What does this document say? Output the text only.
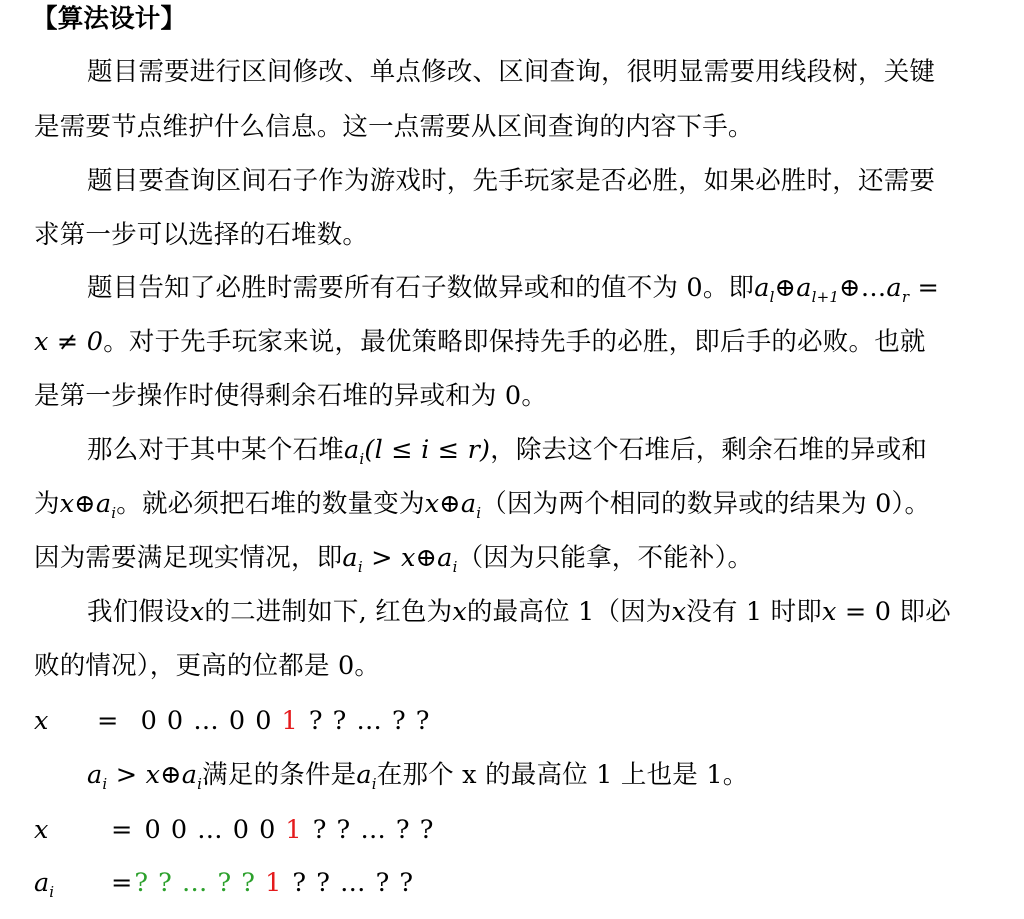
【算法设计】
题目需要进行区间修改、单点修改、区间查询，很明显需要用线段树，关键
是需要节点维护什么信息。这一点需要从区间查询的内容下手。
题目要查询区间石子作为游戏时，先手玩家是否必胜，如果必胜时，还需要
求第一步可以选择的石堆数。
题目告知了必胜时需要所有石子数做异或和的值不为 0。即$a_l\oplus a_{l+1}\oplus\dots a_r$ =
x ≠ 0。对于先手玩家来说，最优策略即保持先手的必胜，即后手的必败。也就
是第一步操作时使得剩余石堆的异或和为 0。
那么对于其中某个石堆$a_i(l \le i \le r)$，除去这个石堆后，剩余石堆的异或和
为$x\oplus a_i$。就必须把石堆的数量变为$x\oplus a_i$（因为两个相同的数异或的结果为 0）。
因为需要满足现实情况，即$a_i$ > $x\oplus a_i$（因为只能拿，不能补）。
我们假设x的二进制如下, 红色为x的最高位 1（因为x没有 1 时即x = 0 即必
败的情况），更高的位都是 0。
x = 0 0 … 0 0 1 ? ? … ? ?
$a_i$ > $x\oplus a_i$满足的条件是$a_i$在那个 x 的最高位 1 上也是 1。
x = 0 0 … 0 0 1 ? ? … ? ?
$a_i$ =? ? … ? ? 1 ? ? … ? ?
